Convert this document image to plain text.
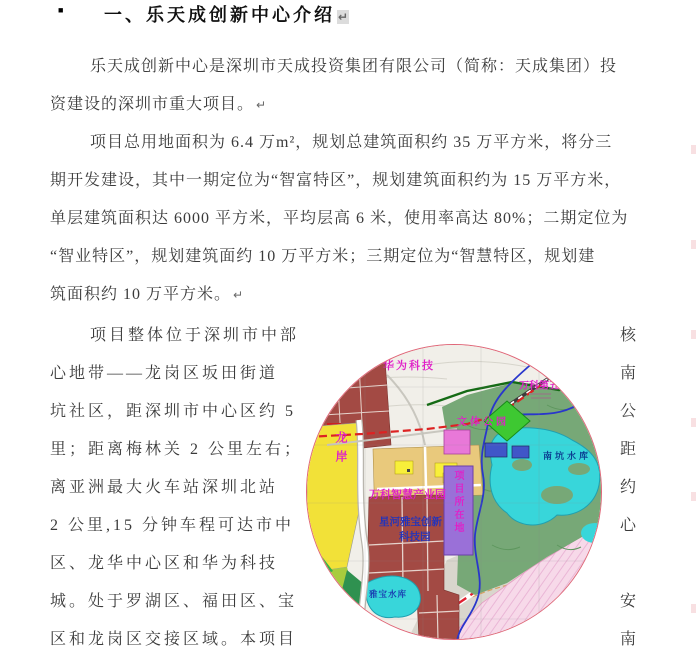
■ 一、乐天成创新中心介绍 ↵
乐天成创新中心是深圳市天成投资集团有限公司（简称：天成集团）投
资建设的深圳市重大项目。 ↵
项目总用地面积为 6.4 万m²，规划总建筑面积约 35 万平方米，将分三
期开发建设，其中一期定位为“智富特区”，规划建筑面积约为 15 万平方米，
单层建筑面积达 6000 平方米，平均层高 6 米，使用率高达 80%；二期定位为
“智业特区”，规划建筑面约 10 万平方米；三期定位为“智慧特区，规划建
筑面积约 10 万平方米。 ↵
项目整体位于深圳市中部
心地带——龙岗区坂田街道
坑社区，距深圳市中心区约 5
里；距离梅林关 2 公里左右；
离亚洲最大火车站深圳北站
2 公里,15 分钟车程可达市中
区、龙华中心区和华为科技
城。处于罗湖区、福田区、宝
区和龙岗区交接区域。本项目
核
南
公
距
约
心
安
南
华为科技
万科第五园
文体公园
南坑水库
龙岸
万科智慧产业园
星河雅宝创新
科技园
雅宝水库
项目所在地
